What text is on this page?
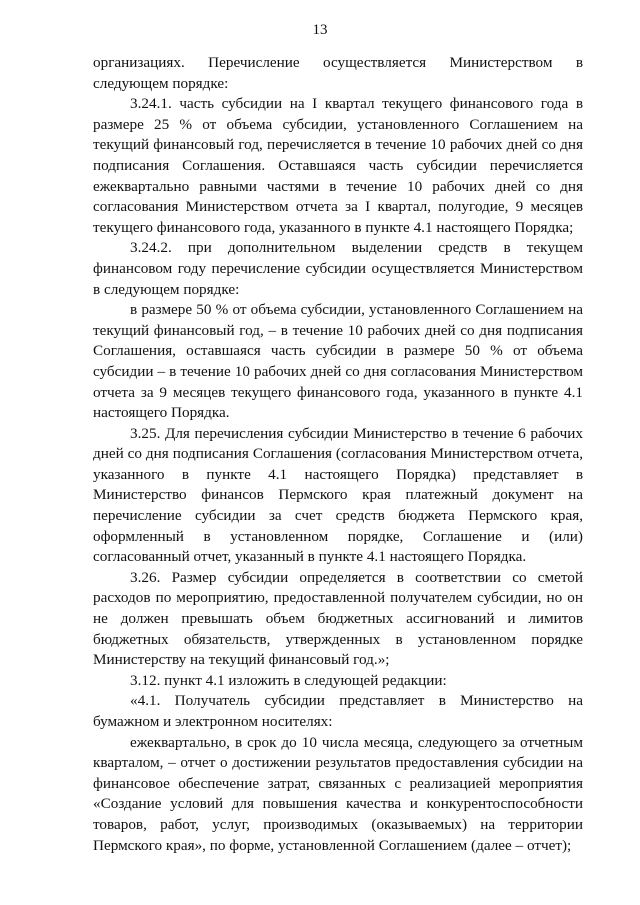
13

организациях. Перечисление осуществляется Министерством в следующем порядке:

3.24.1. часть субсидии на I квартал текущего финансового года в размере 25 % от объема субсидии, установленного Соглашением на текущий финансовый год, перечисляется в течение 10 рабочих дней со дня подписания Соглашения. Оставшаяся часть субсидии перечисляется ежеквартально равными частями в течение 10 рабочих дней со дня согласования Министерством отчета за I квартал, полугодие, 9 месяцев текущего финансового года, указанного в пункте 4.1 настоящего Порядка;

3.24.2. при дополнительном выделении средств в текущем финансовом году перечисление субсидии осуществляется Министерством в следующем порядке:

в размере 50 % от объема субсидии, установленного Соглашением на текущий финансовый год, – в течение 10 рабочих дней со дня подписания Соглашения, оставшаяся часть субсидии в размере 50 % от объема субсидии – в течение 10 рабочих дней со дня согласования Министерством отчета за 9 месяцев текущего финансового года, указанного в пункте 4.1 настоящего Порядка.

3.25. Для перечисления субсидии Министерство в течение 6 рабочих дней со дня подписания Соглашения (согласования Министерством отчета, указанного в пункте 4.1 настоящего Порядка) представляет в Министерство финансов Пермского края платежный документ на перечисление субсидии за счет средств бюджета Пермского края, оформленный в установленном порядке, Соглашение и (или) согласованный отчет, указанный в пункте 4.1 настоящего Порядка.

3.26. Размер субсидии определяется в соответствии со сметой расходов по мероприятию, предоставленной получателем субсидии, но он не должен превышать объем бюджетных ассигнований и лимитов бюджетных обязательств, утвержденных в установленном порядке Министерству на текущий финансовый год.»;

3.12. пункт 4.1 изложить в следующей редакции:

«4.1. Получатель субсидии представляет в Министерство на бумажном и электронном носителях:

ежеквартально, в срок до 10 числа месяца, следующего за отчетным кварталом, – отчет о достижении результатов предоставления субсидии на финансовое обеспечение затрат, связанных с реализацией мероприятия «Создание условий для повышения качества и конкурентоспособности товаров, работ, услуг, производимых (оказываемых) на территории Пермского края», по форме, установленной Соглашением (далее – отчет);
